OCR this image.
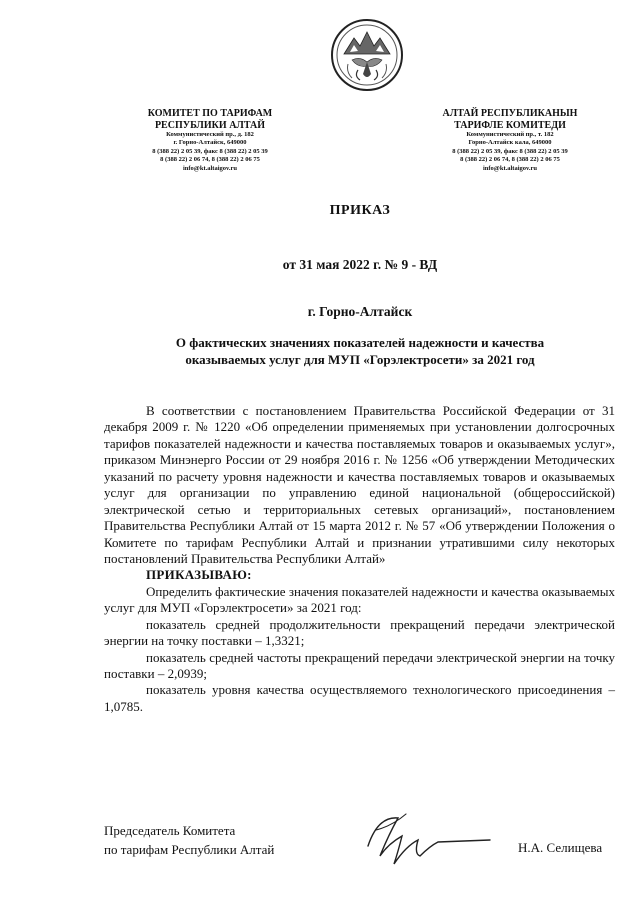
КОМИТЕТ ПО ТАРИФАМ
РЕСПУБЛИКИ АЛТАЙ
Коммунистический пр., д. 182
г. Горно-Алтайск, 649000
8 (388 22) 2 05 39, факс 8 (388 22) 2 05 39
8 (388 22) 2 06 74, 8 (388 22) 2 06 75
info@kt.altaigov.ru
АЛТАЙ РЕСПУБЛИКАНЫН
ТАРИФЛЕ КОМИТЕДИ
Коммунистический пр., т. 182
Горно-Алтайск кала, 649000
8 (388 22) 2 05 39, факс 8 (388 22) 2 05 39
8 (388 22) 2 06 74, 8 (388 22) 2 06 75
info@kt.altaigov.ru
ПРИКАЗ
от 31 мая 2022 г. № 9 - ВД
г. Горно-Алтайск
О фактических значениях показателей надежности и качества
оказываемых услуг для МУП «Горэлектросети» за 2021 год

В соответствии с постановлением Правительства Российской Федерации от 31 декабря 2009 г. № 1220 «Об определении применяемых при установлении долгосрочных тарифов показателей надежности и качества поставляемых товаров и оказываемых услуг», приказом Минэнерго России от 29 ноября 2016 г. № 1256 «Об утверждении Методических указаний по расчету уровня надежности и качества поставляемых товаров и оказываемых услуг для организации по управлению единой национальной (общероссийской) электрической сетью и территориальных сетевых организаций», постановлением Правительства Республики Алтай от 15 марта 2012 г. № 57 «Об утверждении Положения о Комитете по тарифам Республики Алтай и признании утратившими силу некоторых постановлений Правительства Республики Алтай»

ПРИКАЗЫВАЮ:

Определить фактические значения показателей надежности и качества оказываемых услуг для МУП «Горэлектросети» за 2021 год:

показатель средней продолжительности прекращений передачи электрической энергии на точку поставки – 1,3321;

показатель средней частоты прекращений передачи электрической энергии на точку поставки – 2,0939;

показатель уровня качества осуществляемого технологического присоединения – 1,0785.

Председатель Комитета
по тарифам Республики Алтай	Н.А. Селищева
